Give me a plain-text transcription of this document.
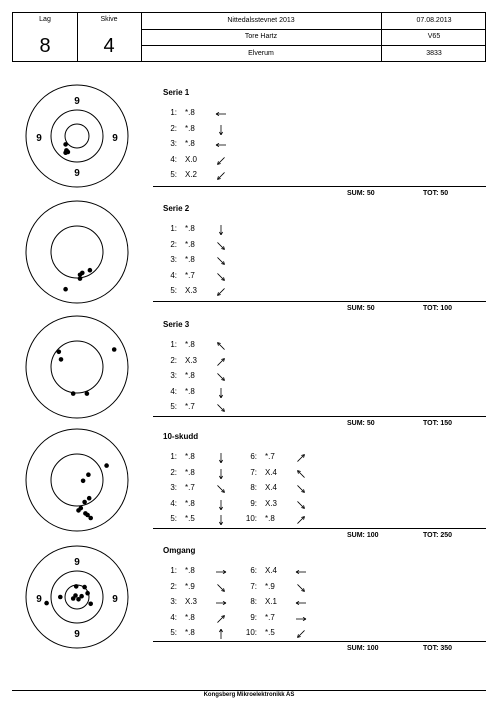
Lag
8
Skive
4
Nittedalsstevnet 2013	07.08.2013
Tore Hartz	V65
Elverum	3833
9
9
9	9
Serie 1
1: *.8
2: *.8
3: *.8
4: X.0
5: X.2
SUM: 50	TOT: 50
Serie 2
1: *.8
2: *.8
3: *.8
4: *.7
5: X.3
SUM: 50	TOT: 100
Serie 3
1: *.8
2: X.3
3: *.8
4: *.8
5: *.7
SUM: 50	TOT: 150
10-skudd
1: *.8
2: *.8
3: *.7
4: *.8
5: *.5
6: *.7
7: X.4
8: X.4
9: X.3
10: *.8
SUM: 100	TOT: 250
9
9
9	9
Omgang
1: *.8
2: *.9
3: X.3
4: *.8
5: *.8
6: X.4
7: *.9
8: X.1
9: *.7
10: *.5
SUM: 100	TOT: 350
Kongsberg Mikroelektronikk AS
